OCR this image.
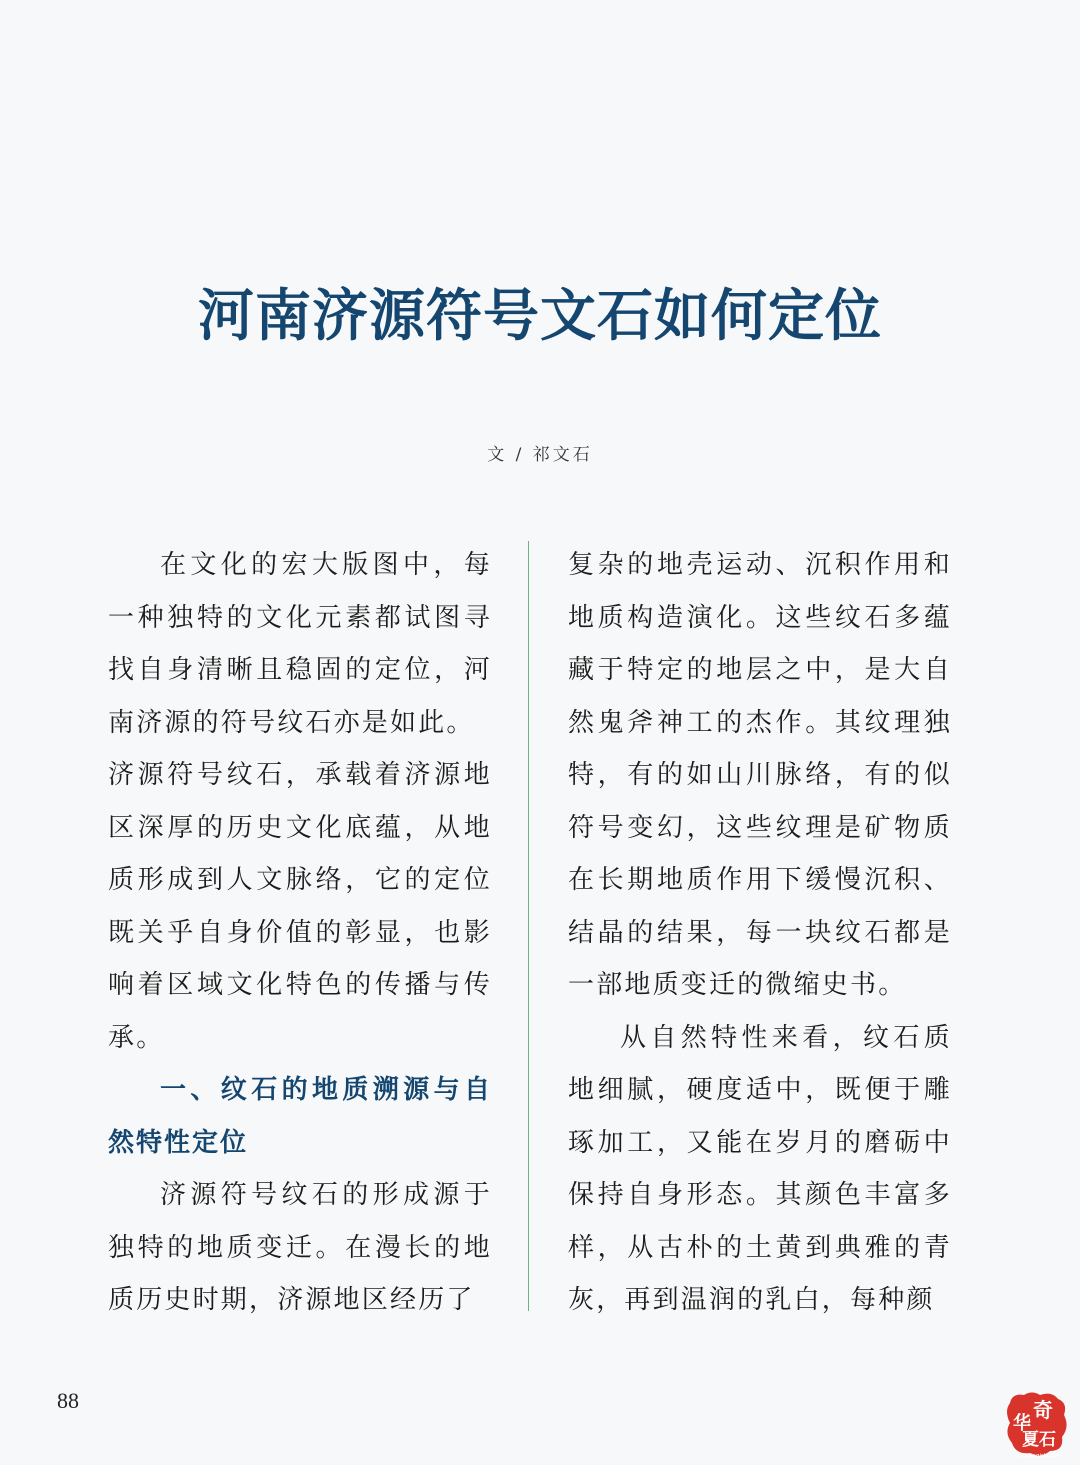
河南济源符号文石如何定位
文 / 祁文石

在文化的宏大版图中，每一种独特的文化元素都试图寻找自身清晰且稳固的定位，河南济源的符号纹石亦是如此。

济源符号纹石，承载着济源地区深厚的历史文化底蕴，从地质形成到人文脉络，它的定位既关乎自身价值的彰显，也影响着区域文化特色的传播与传承。

一、纹石的地质溯源与自然特性定位

济源符号纹石的形成源于独特的地质变迁。在漫长的地质历史时期，济源地区经历了

复杂的地壳运动、沉积作用和地质构造演化。这些纹石多蕴藏于特定的地层之中，是大自然鬼斧神工的杰作。其纹理独特，有的如山川脉络，有的似符号变幻，这些纹理是矿物质在长期地质作用下缓慢沉积、结晶的结果，每一块纹石都是一部地质变迁的微缩史书。

从自然特性来看，纹石质地细腻，硬度适中，既便于雕琢加工，又能在岁月的磨砺中保持自身形态。其颜色丰富多样，从古朴的土黄到典雅的青灰，再到温润的乳白，每种颜

88	奇
华
夏石
huaxiaqishi.com
